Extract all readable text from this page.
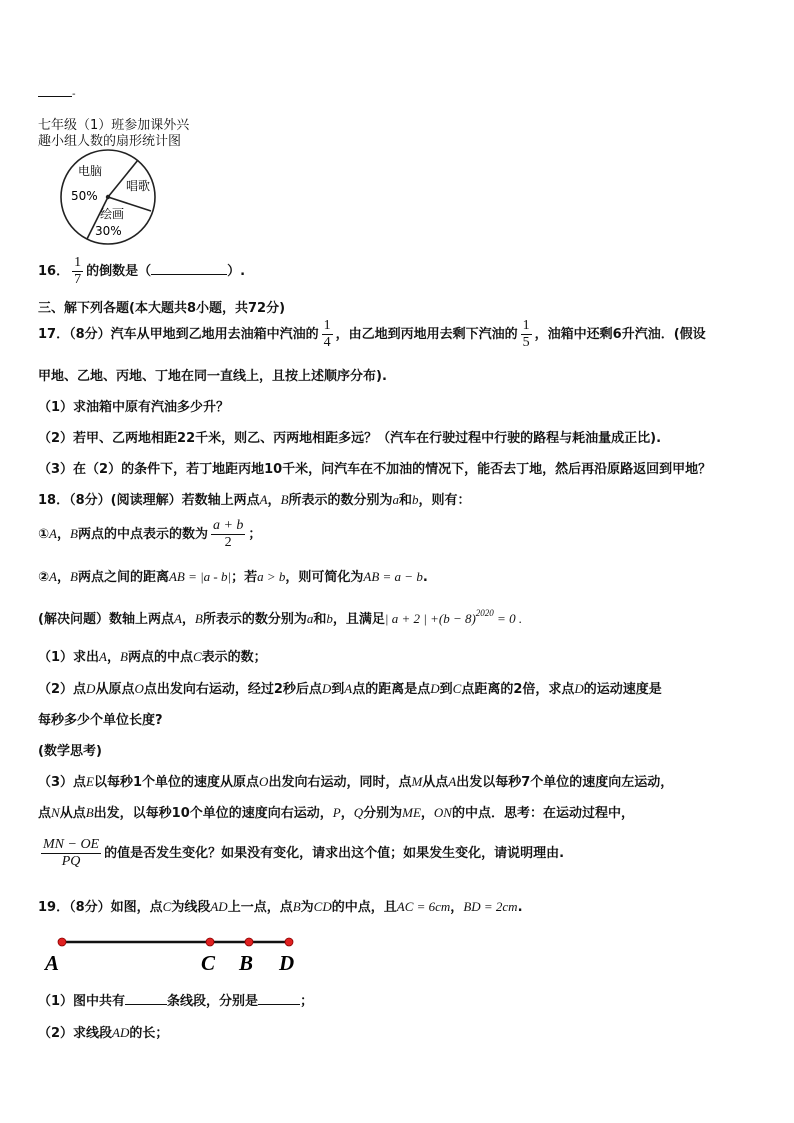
-
七年级（1）班参加课外兴
趣小组人数的扇形统计图
电脑
50%
唱歌
绘画
30%
16． $\frac{1}{7}$ 的倒数是（	）.
三、解下列各题(本大题共8小题，共72分)
17．（8分）汽车从甲地到乙地用去油箱中汽油的 $\frac{1}{4}$ ，由乙地到丙地用去剩下汽油的 $\frac{1}{5}$ ，油箱中还剩6升汽油．(假设
甲地、乙地、丙地、丁地在同一直线上，且按上述顺序分布).
（1）求油箱中原有汽油多少升？
（2）若甲、乙两地相距22千米，则乙、丙两地相距多远？（汽车在行驶过程中行驶的路程与耗油量成正比).
（3）在（2）的条件下，若丁地距丙地10千米，问汽车在不加油的情况下，能否去丁地，然后再沿原路返回到甲地？
18．（8分）(阅读理解）若数轴上两点A，B所表示的数分别为a和b，则有：
①A，B两点的中点表示的数为 $\frac{a + b}{2}$ ；
②A，B两点之间的距离AB = |a - b|；若a > b，则可简化为AB = a − b.
(解决问题）数轴上两点A，B所表示的数分别为a和b，且满足| a + 2 | $+(b - 8)^{2020} = 0$ .
（1）求出A，B两点的中点C表示的数；
（2）点D从原点O点出发向右运动，经过2秒后点D到A点的距离是点D到C点距离的2倍，求点D的运动速度是
每秒多少个单位长度?
(数学思考)
（3）点E以每秒1个单位的速度从原点O出发向右运动，同时，点M从点A出发以每秒7个单位的速度向左运动，
点N从点B出发，以每秒10个单位的速度向右运动，P，Q分别为ME，ON的中点．思考：在运动过程中，
$\frac{MN - OE}{PQ}$ 的值是否发生变化？如果没有变化，请求出这个值；如果发生变化，请说明理由.
19．（8分）如图，点C为线段AD上一点，点B为CD的中点，且AC = 6cm，BD = 2cm.
A	C B D
（1）图中共有	条线段，分别是	；
（2）求线段AD的长；
